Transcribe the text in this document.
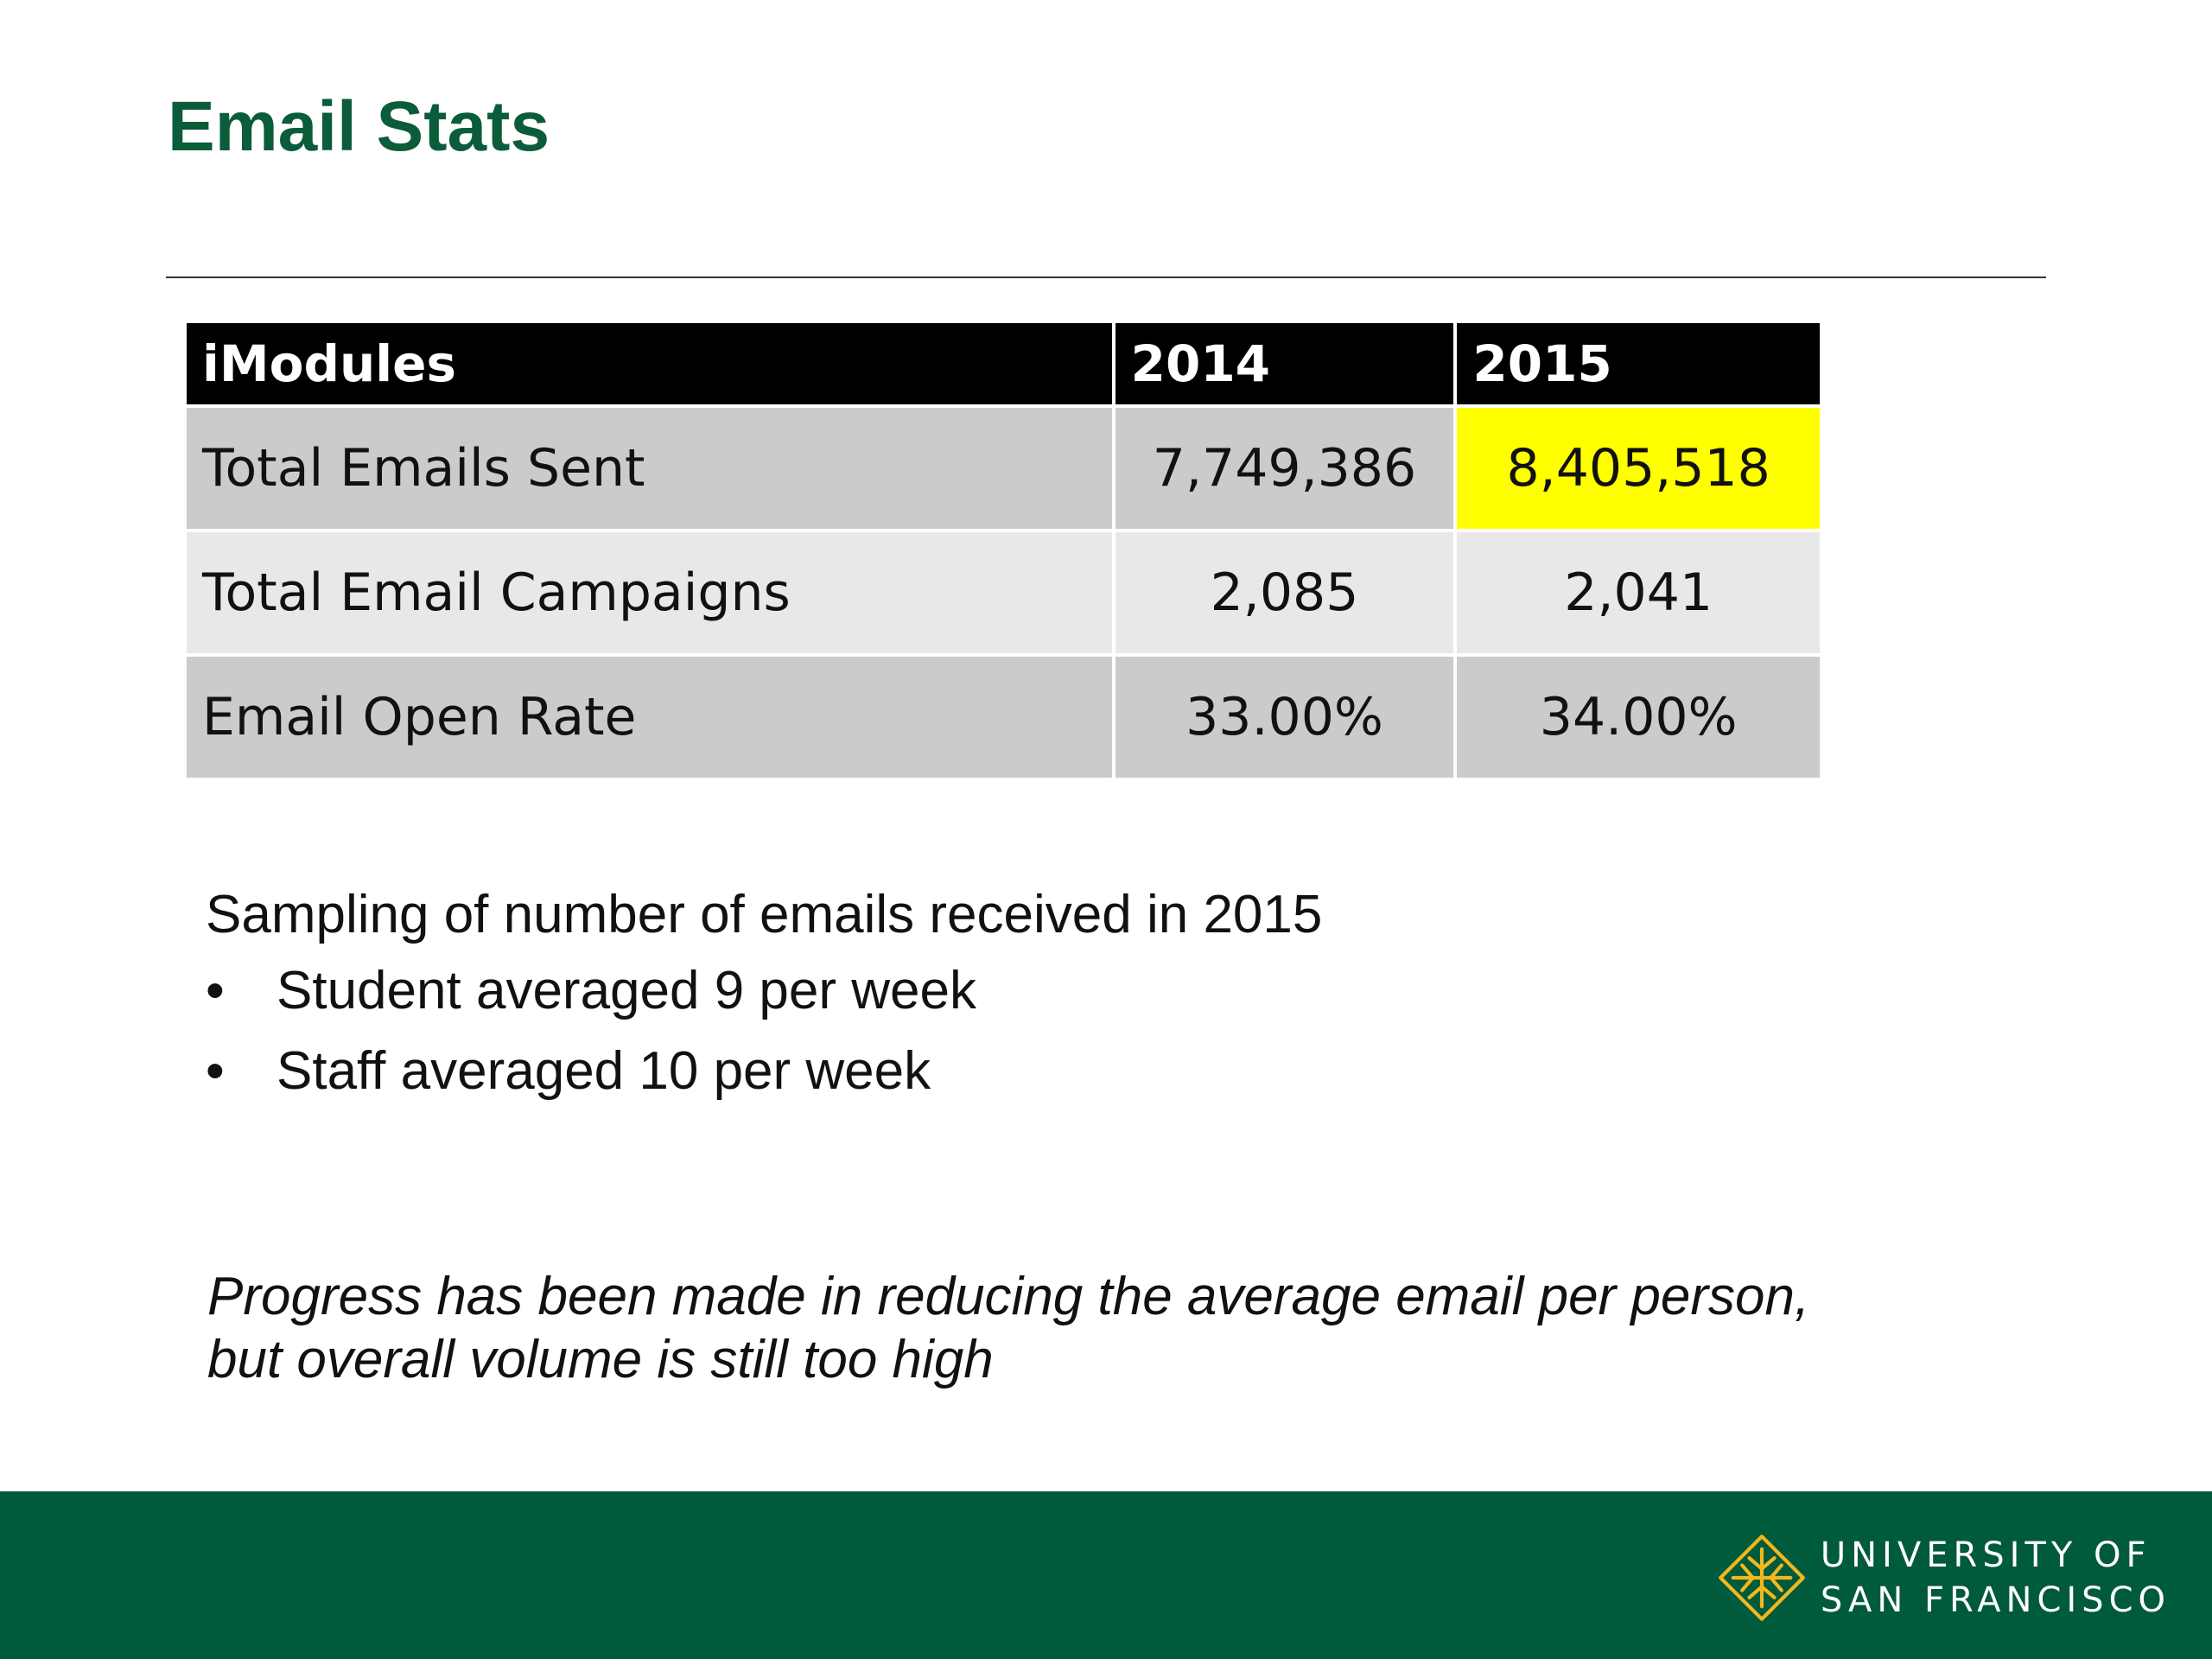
Email Stats
iModules	2014	2015
Total Emails Sent	7,749,386	8,405,518
Total Email Campaigns	2,085	2,041
Email Open Rate	33.00%	34.00%

Sampling of number of emails received in 2015

• Student averaged 9 per week
• Staff averaged 10 per week

Progress has been made in reducing the average email per person,
but overall volume is still too high

UNIVERSITY OF
SAN FRANCISCO
